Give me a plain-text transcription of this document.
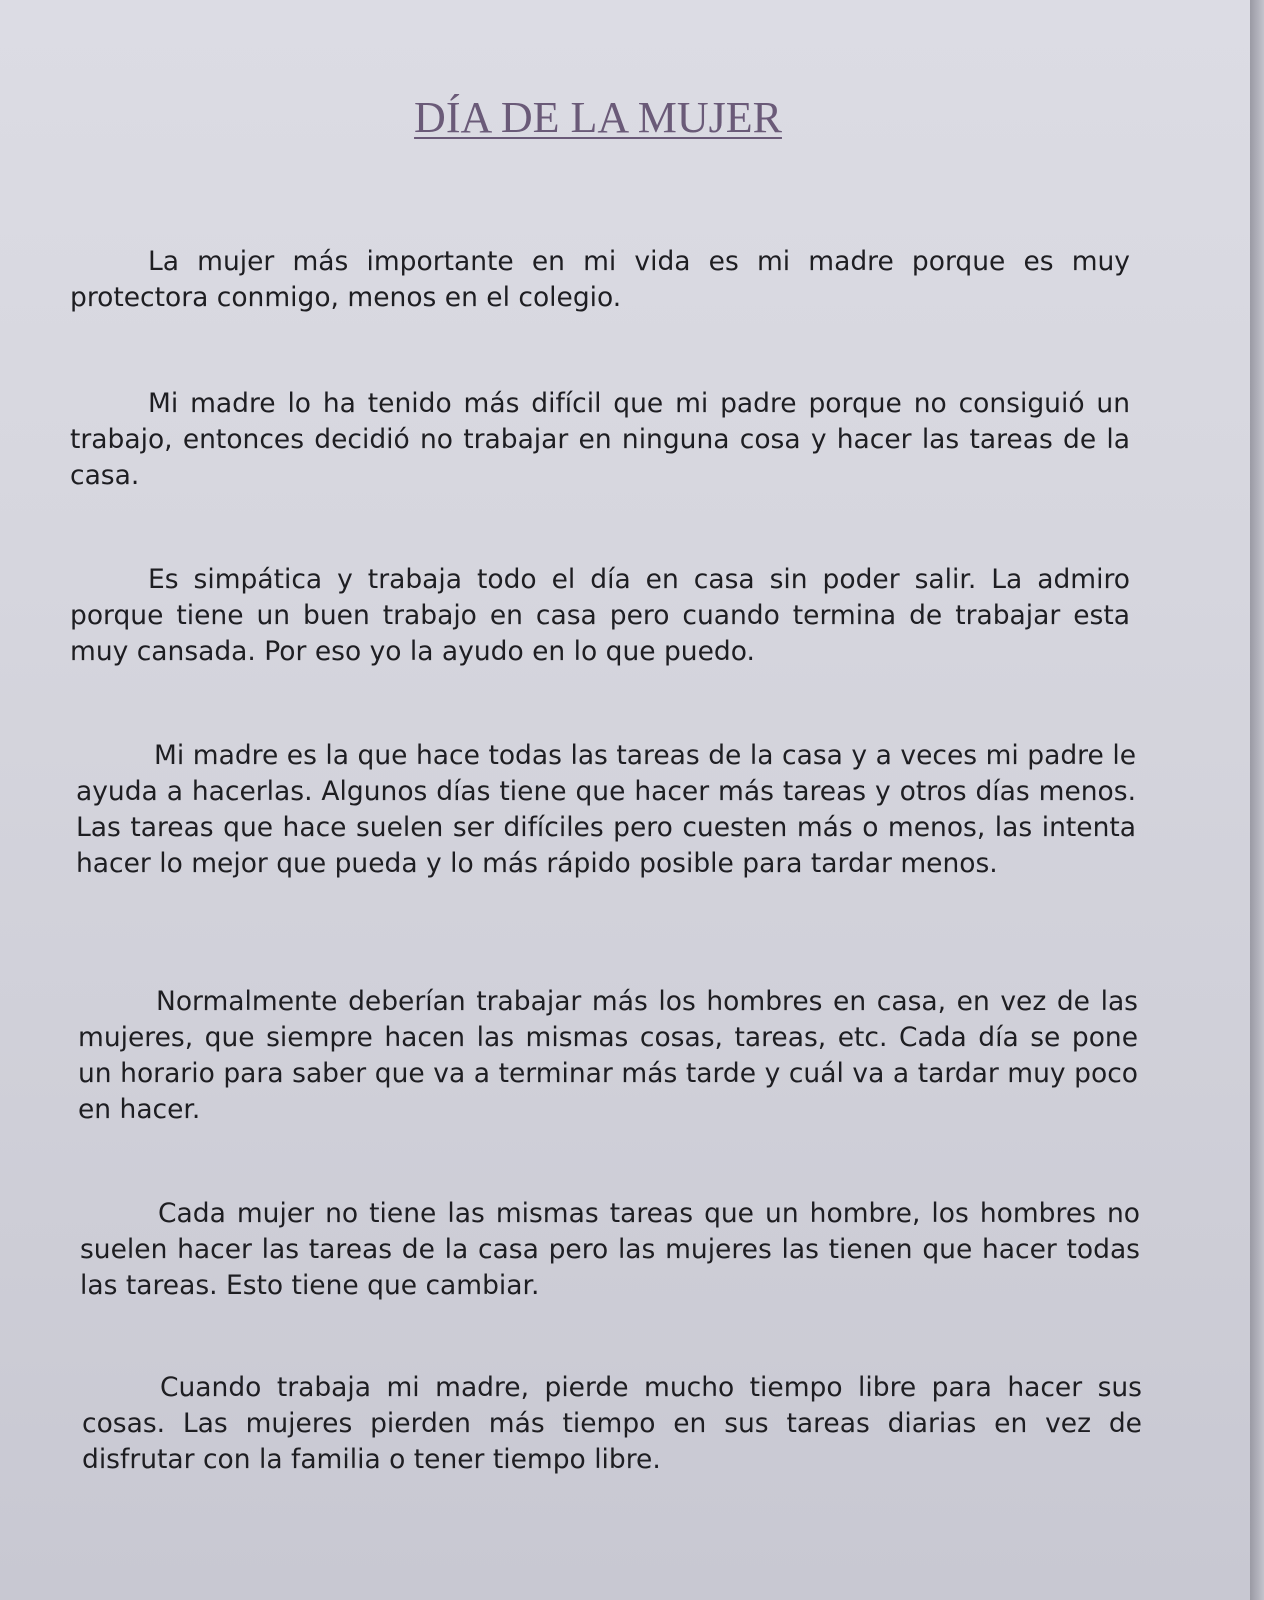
DÍA DE LA MUJER

La mujer más importante en mi vida es mi madre porque es muy protectora conmigo, menos en el colegio.

Mi madre lo ha tenido más difícil que mi padre porque no consiguió un trabajo, entonces decidió no trabajar en ninguna cosa y hacer las tareas de la casa.

Es simpática y trabaja todo el día en casa sin poder salir. La admiro porque tiene un buen trabajo en casa pero cuando termina de trabajar esta muy cansada. Por eso yo la ayudo en lo que puedo.

Mi madre es la que hace todas las tareas de la casa y a veces mi padre le ayuda a hacerlas. Algunos días tiene que hacer más tareas y otros días menos. Las tareas que hace suelen ser difíciles pero cuesten más o menos, las intenta hacer lo mejor que pueda y lo más rápido posible para tardar menos.

Normalmente deberían trabajar más los hombres en casa, en vez de las mujeres, que siempre hacen las mismas cosas, tareas, etc. Cada día se pone un horario para saber que va a terminar más tarde y cuál va a tardar muy poco en hacer.

Cada mujer no tiene las mismas tareas que un hombre, los hombres no suelen hacer las tareas de la casa pero las mujeres las tienen que hacer todas las tareas. Esto tiene que cambiar.

Cuando trabaja mi madre, pierde mucho tiempo libre para hacer sus cosas. Las mujeres pierden más tiempo en sus tareas diarias en vez de disfrutar con la familia o tener tiempo libre.
